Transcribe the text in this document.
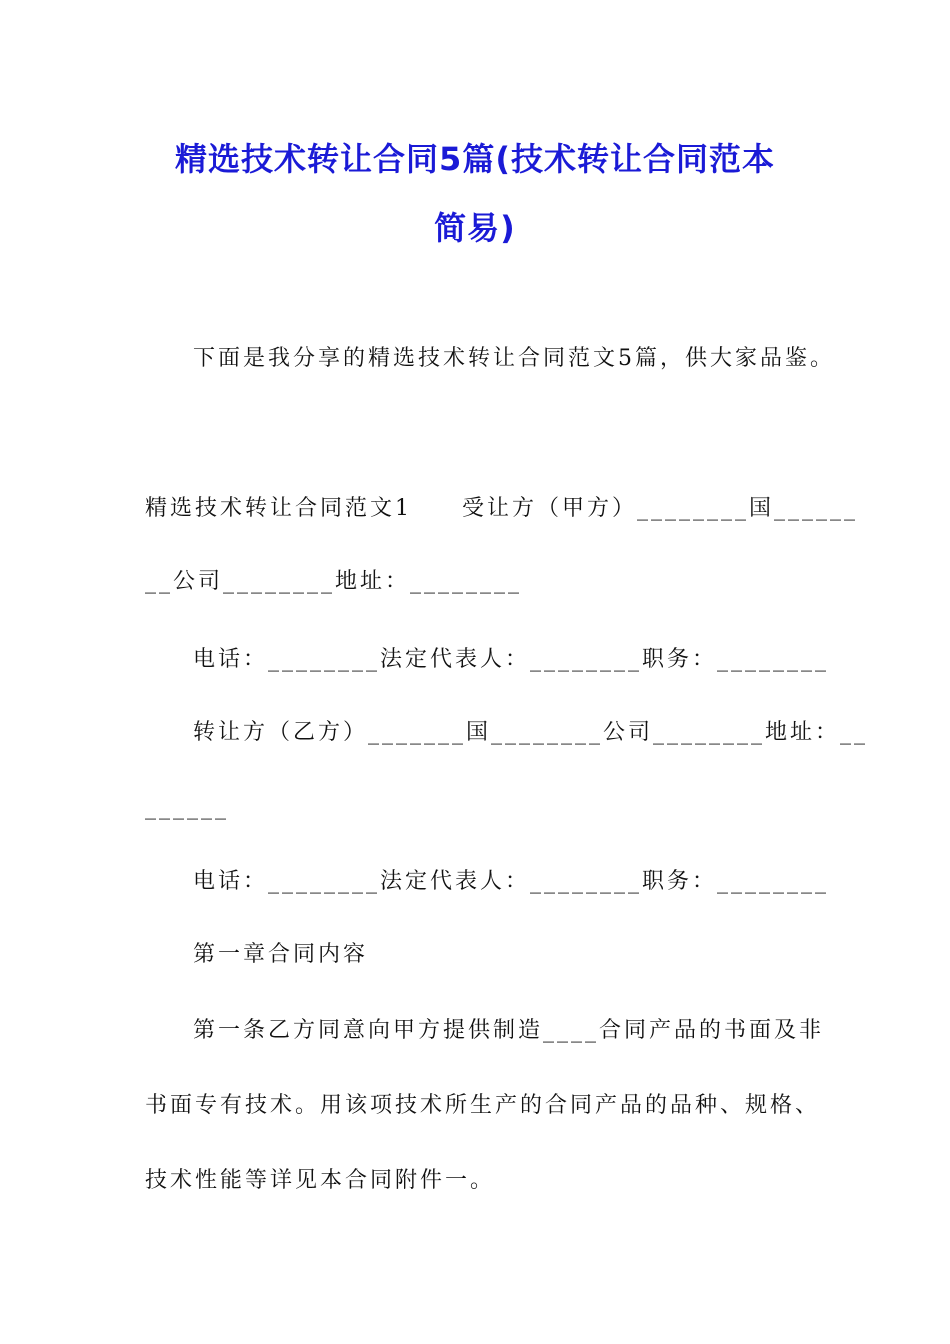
精选技术转让合同5篇(技术转让合同范本
简易)
下面是我分享的精选技术转让合同范文5篇，供大家品鉴。
精选技术转让合同范文1　　受让方（甲方）________国______
__公司________地址：________
电话：________法定代表人：________职务：________
转让方（乙方）_______国________公司________地址：__
______
电话：________法定代表人：________职务：________
第一章合同内容
第一条乙方同意向甲方提供制造____合同产品的书面及非
书面专有技术。用该项技术所生产的合同产品的品种、规格、
技术性能等详见本合同附件一。
